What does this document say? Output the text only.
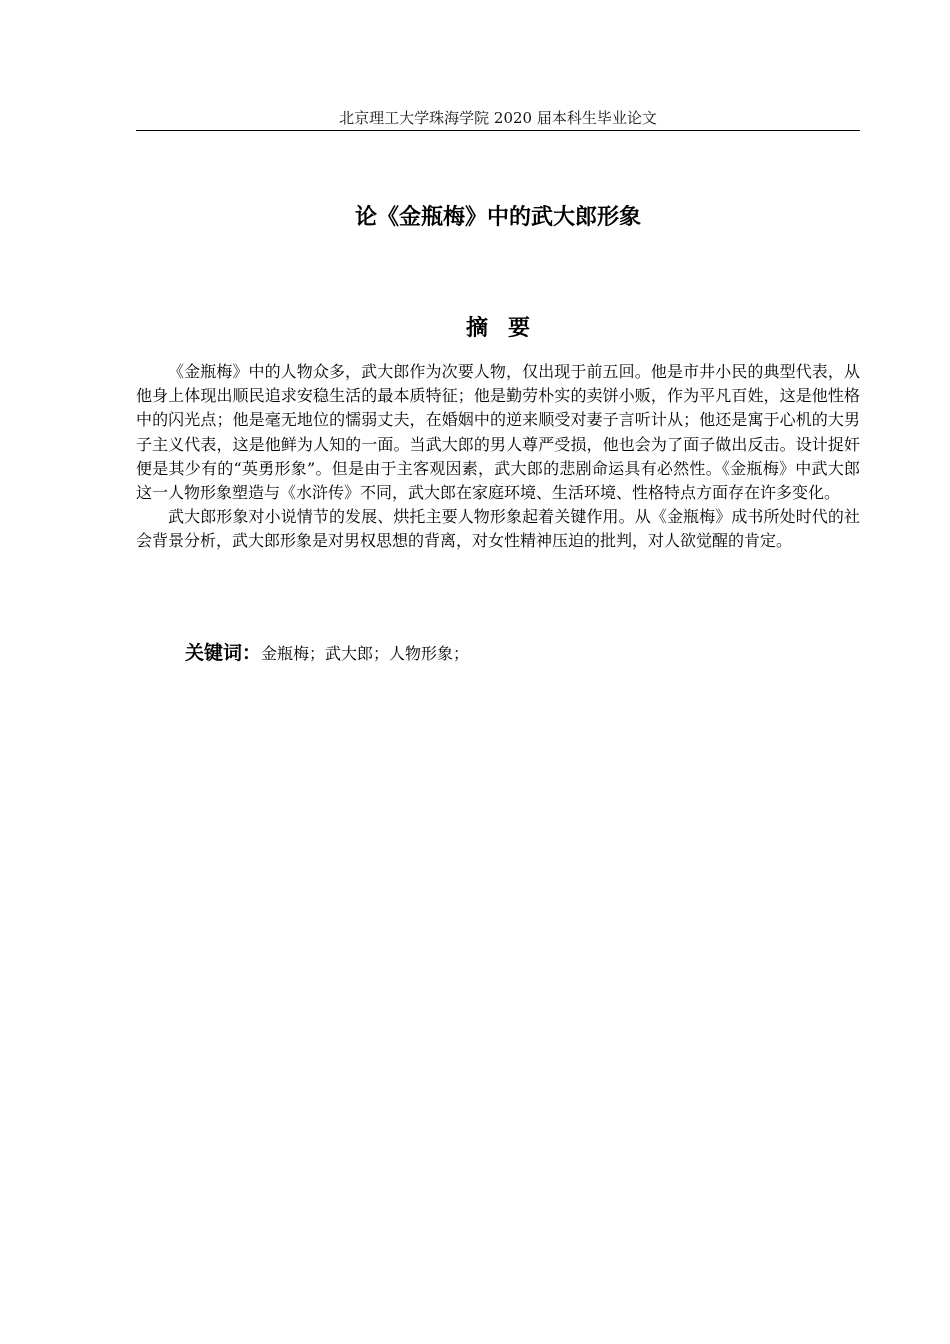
北京理工大学珠海学院 2020 届本科生毕业论文
论《金瓶梅》中的武大郎形象
摘要

《金瓶梅》中的人物众多，武大郎作为次要人物，仅出现于前五回。他是市井小民的典型代表，从他身上体现出顺民追求安稳生活的最本质特征；他是勤劳朴实的卖饼小贩，作为平凡百姓，这是他性格中的闪光点；他是毫无地位的懦弱丈夫，在婚姻中的逆来顺受对妻子言听计从；他还是寓于心机的大男子主义代表，这是他鲜为人知的一面。当武大郎的男人尊严受损，他也会为了面子做出反击。设计捉奸便是其少有的“英勇形象”。但是由于主客观因素，武大郎的悲剧命运具有必然性。《金瓶梅》中武大郎这一人物形象塑造与《水浒传》不同，武大郎在家庭环境、生活环境、性格特点方面存在许多变化。

武大郎形象对小说情节的发展、烘托主要人物形象起着关键作用。从《金瓶梅》成书所处时代的社会背景分析，武大郎形象是对男权思想的背离，对女性精神压迫的批判，对人欲觉醒的肯定。

关键词：金瓶梅；武大郎；人物形象；
